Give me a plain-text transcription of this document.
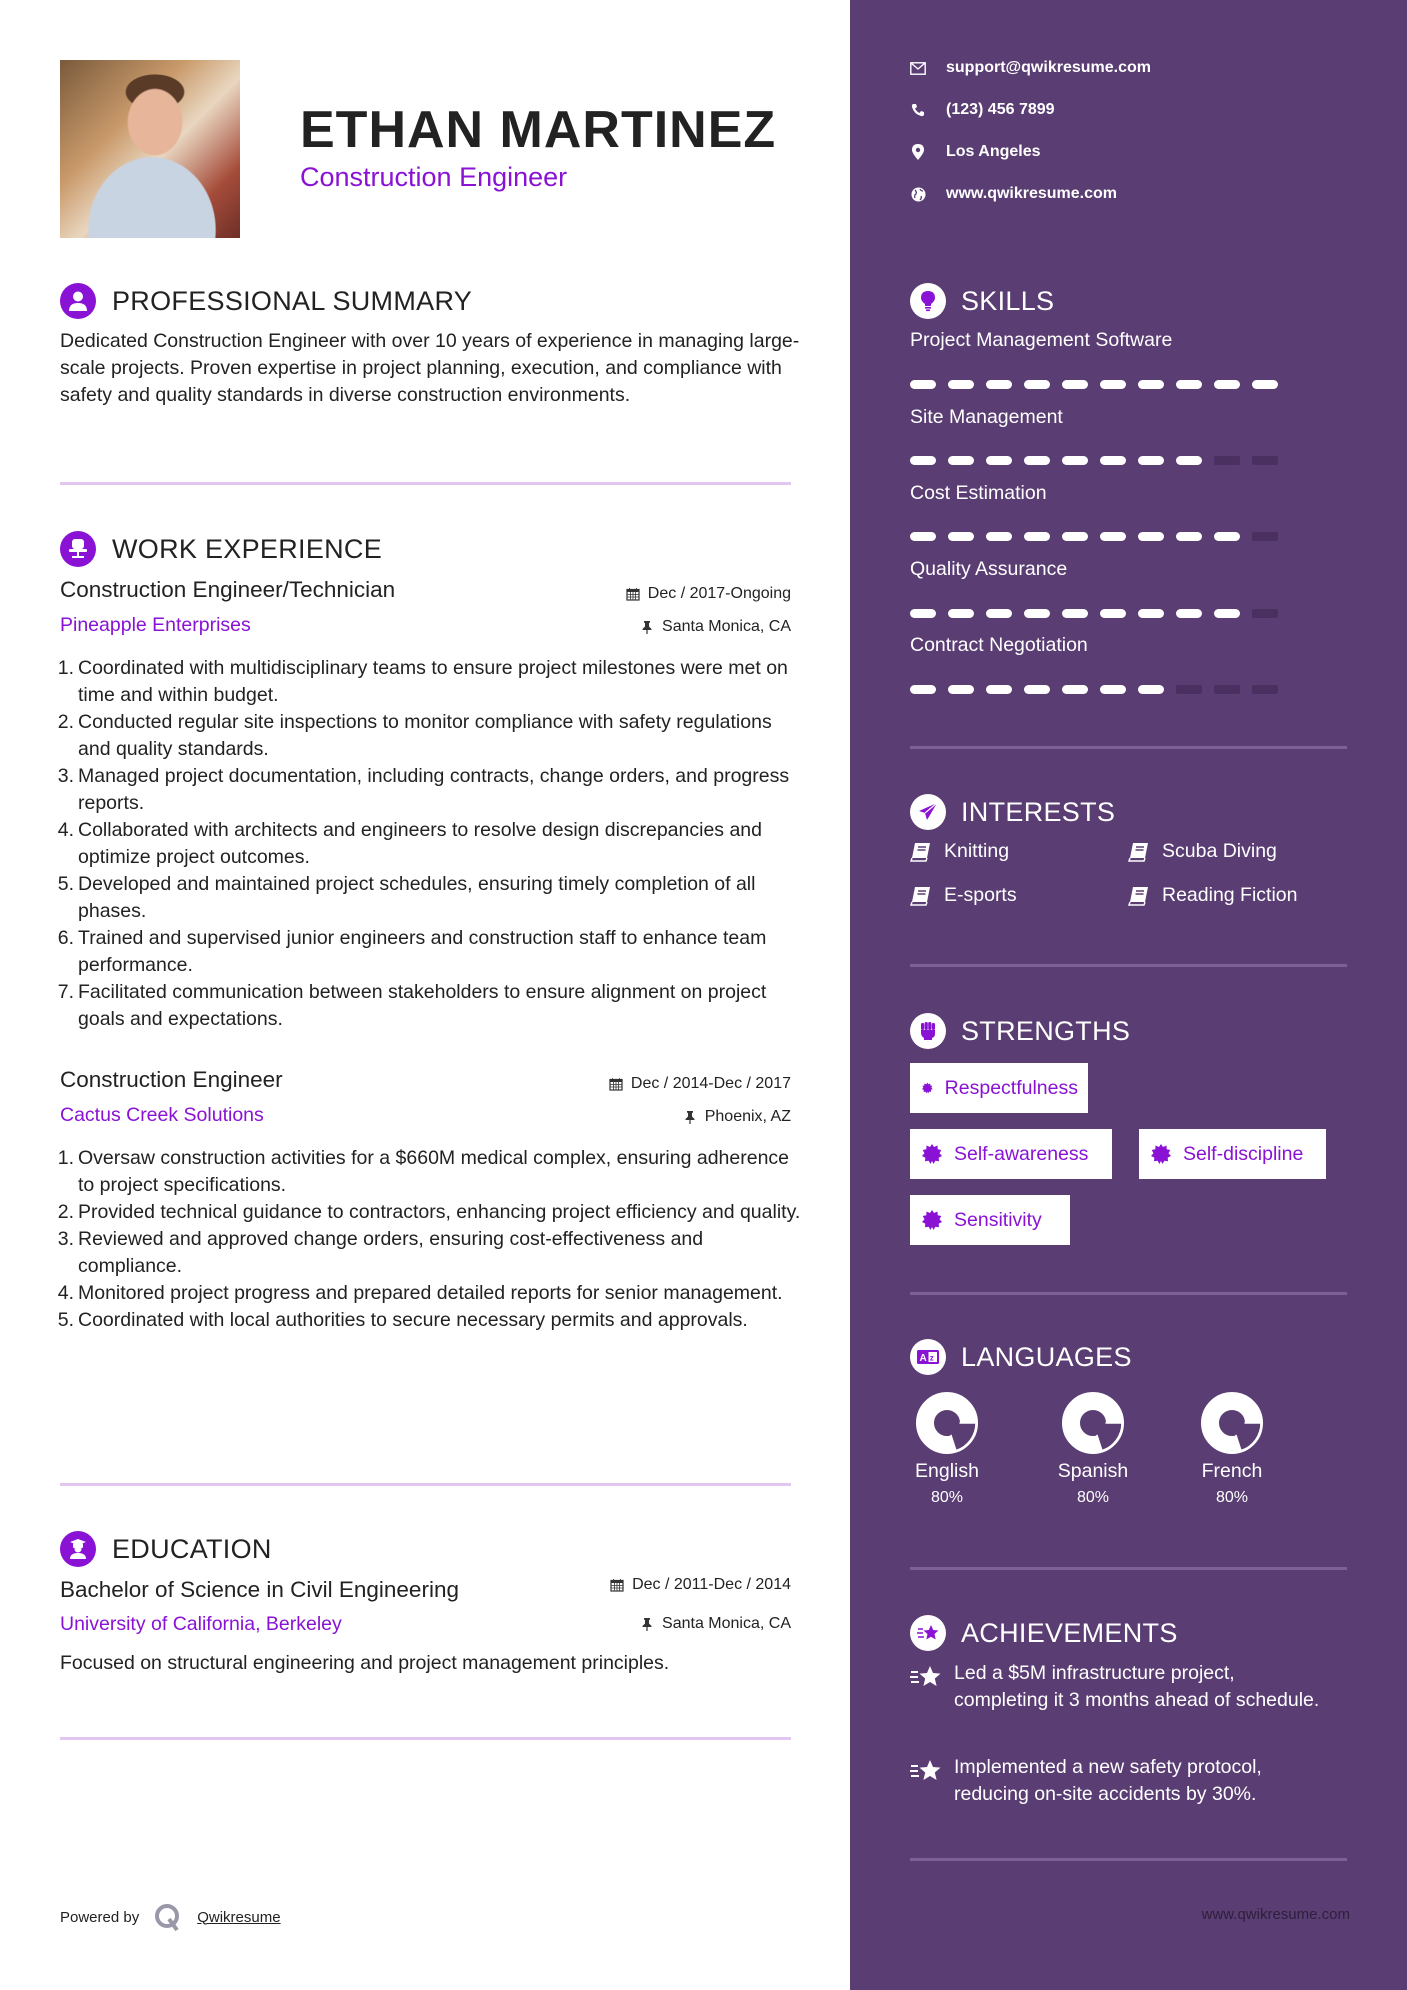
ETHAN MARTINEZ
Construction Engineer
PROFESSIONAL SUMMARY
Dedicated Construction Engineer with over 10 years of experience in managing large-scale projects. Proven expertise in project planning, execution, and compliance with safety and quality standards in diverse construction environments.
WORK EXPERIENCE
Construction Engineer/Technician	Dec / 2017-Ongoing
Pineapple Enterprises	Santa Monica, CA
1. Coordinated with multidisciplinary teams to ensure project milestones were met on time and within budget.
2. Conducted regular site inspections to monitor compliance with safety regulations and quality standards.
3. Managed project documentation, including contracts, change orders, and progress reports.
4. Collaborated with architects and engineers to resolve design discrepancies and optimize project outcomes.
5. Developed and maintained project schedules, ensuring timely completion of all phases.
6. Trained and supervised junior engineers and construction staff to enhance team performance.
7. Facilitated communication between stakeholders to ensure alignment on project goals and expectations.
Construction Engineer	Dec / 2014-Dec / 2017
Cactus Creek Solutions	Phoenix, AZ
1. Oversaw construction activities for a $660M medical complex, ensuring adherence to project specifications.
2. Provided technical guidance to contractors, enhancing project efficiency and quality.
3. Reviewed and approved change orders, ensuring cost-effectiveness and compliance.
4. Monitored project progress and prepared detailed reports for senior management.
5. Coordinated with local authorities to secure necessary permits and approvals.
EDUCATION
Bachelor of Science in Civil Engineering	Dec / 2011-Dec / 2014
University of California, Berkeley	Santa Monica, CA
Focused on structural engineering and project management principles.
Powered by	Qwikresume
support@qwikresume.com
(123) 456 7899
Los Angeles
www.qwikresume.com
SKILLS
Project Management Software
Site Management
Cost Estimation
Quality Assurance
Contract Negotiation
INTERESTS
Knitting	Scuba Diving
E-sports	Reading Fiction
STRENGTHS
Respectfulness
Self-awareness	Self-discipline
Sensitivity
A z LANGUAGES
English
80%
Spanish
80%
French
80%
ACHIEVEMENTS
Led a $5M infrastructure project, completing it 3 months ahead of schedule.
Implemented a new safety protocol, reducing on-site accidents by 30%.
www.qwikresume.com
